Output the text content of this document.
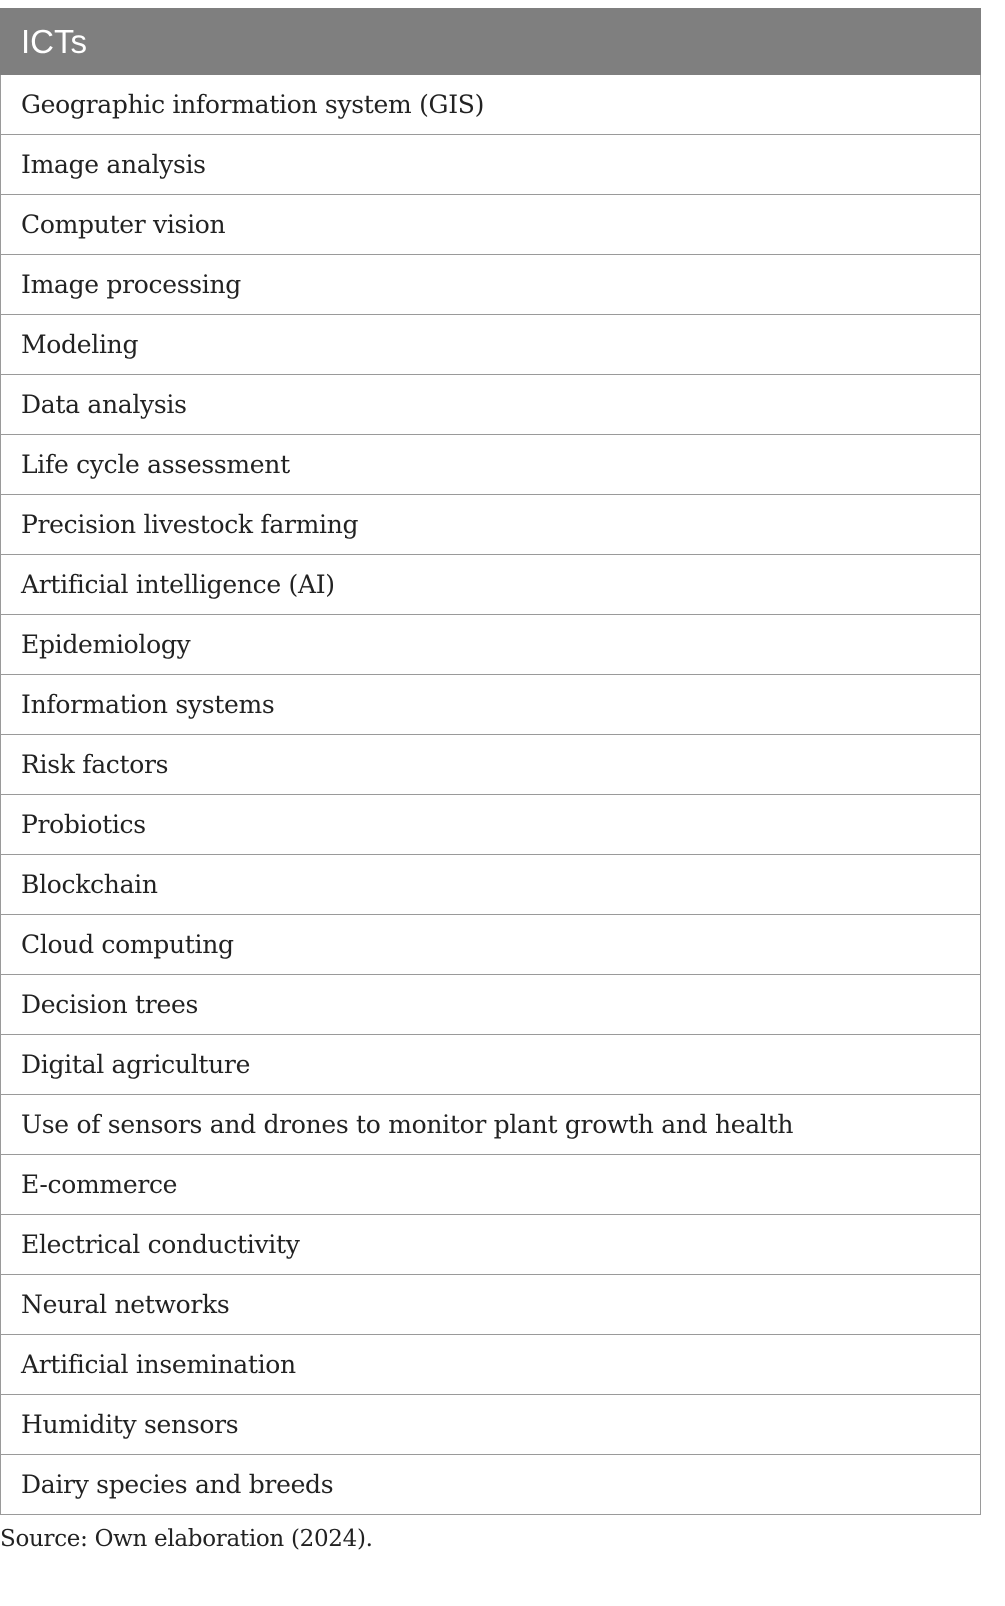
ICTs
Geographic information system (GIS)
Image analysis
Computer vision
Image processing
Modeling
Data analysis
Life cycle assessment
Precision livestock farming
Artificial intelligence (AI)
Epidemiology
Information systems
Risk factors
Probiotics
Blockchain
Cloud computing
Decision trees
Digital agriculture
Use of sensors and drones to monitor plant growth and health
E-commerce
Electrical conductivity
Neural networks
Artificial insemination
Humidity sensors
Dairy species and breeds
Source: Own elaboration (2024).
